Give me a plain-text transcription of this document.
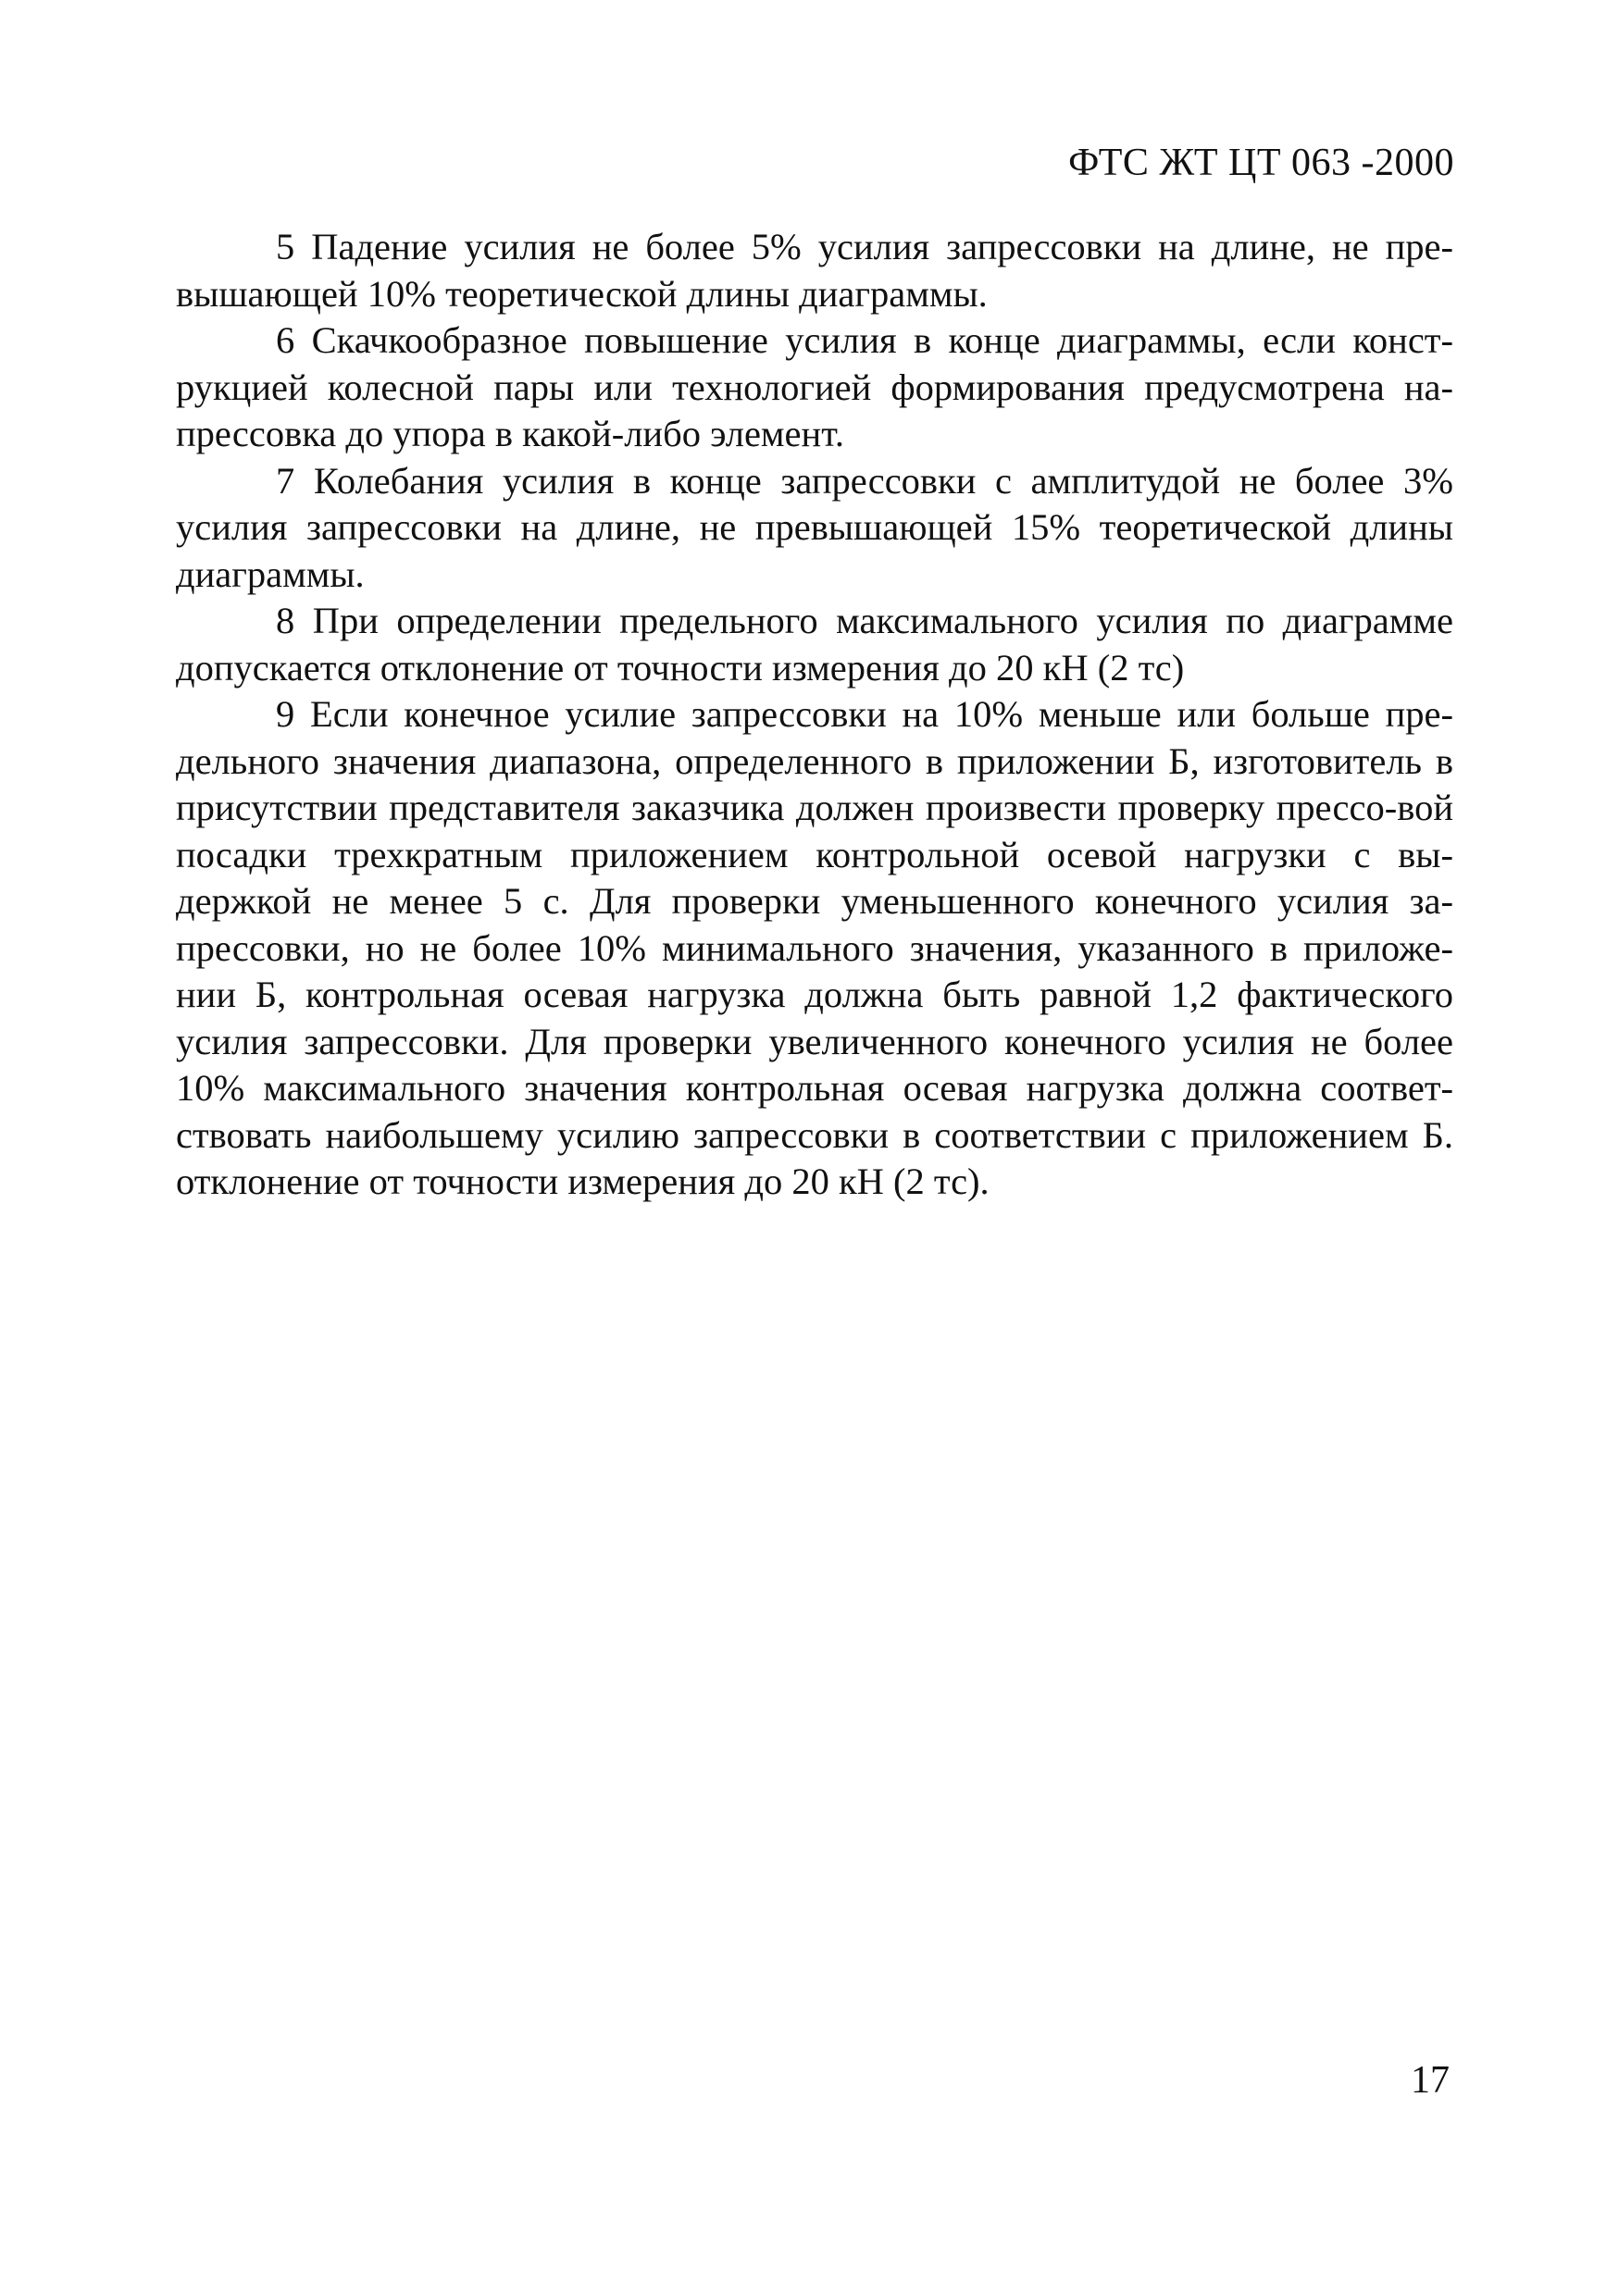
ФТС ЖТ ЦТ 063 -2000

5 Падение усилия не более 5% усилия запрессовки на длине, не пре-вышающей 10% теоретической длины диаграммы.

6 Скачкообразное повышение усилия в конце диаграммы, если конст-рукцией колесной пары или технологией формирования предусмотрена на-прессовка до упора в какой-либо элемент.

7 Колебания усилия в конце запрессовки с амплитудой не более 3% усилия запрессовки на длине, не превышающей 15% теоретической длины диаграммы.

8 При определении предельного максимального усилия по диаграмме допускается отклонение от точности измерения до 20 кН (2 тс)

9 Если конечное усилие запрессовки на 10% меньше или больше пре-дельного значения диапазона, определенного в приложении Б, изготовитель в присутствии представителя заказчика должен произвести проверку прессо-вой посадки трехкратным приложением контрольной осевой нагрузки с вы-держкой не менее 5 с. Для проверки уменьшенного конечного усилия за-прессовки, но не более 10% минимального значения, указанного в приложе-нии Б, контрольная осевая нагрузка должна быть равной 1,2 фактического усилия запрессовки. Для проверки увеличенного конечного усилия не более 10% максимального значения контрольная осевая нагрузка должна соответ-ствовать наибольшему усилию запрессовки в соответствии с приложением Б. отклонение от точности измерения до 20 кН (2 тс).

17
